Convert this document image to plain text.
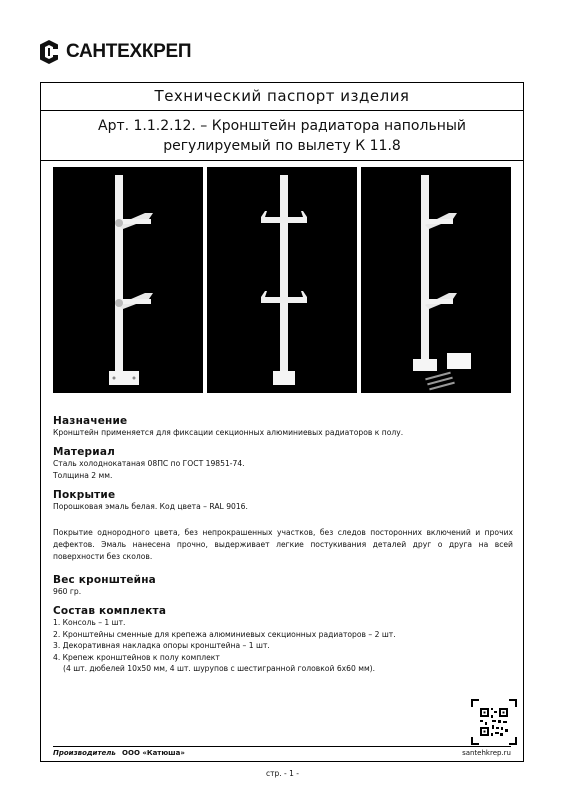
САНТЕХКРЕП
Технический паспорт изделия
Арт. 1.1.2.12. – Кронштейн радиатора напольный
регулируемый по вылету К 11.8
Назначение

Кронштейн применяется для фиксации секционных алюминиевых радиаторов к полу.

Материал

Сталь холоднокатаная 08ПС по ГОСТ 19851-74.

Толщина 2 мм.

Покрытие

Порошковая эмаль белая. Код цвета – RAL 9016.

Покрытие однородного цвета, без непрокрашенных участков, без следов посторонних включений и прочих дефектов. Эмаль нанесена прочно, выдерживает легкие постукивания деталей друг о друга на всей поверхности без сколов.

Вес кронштейна

960 гр.

Состав комплекта

1. Консоль – 1 шт.

2. Кронштейны сменные для крепежа алюминиевых секционных радиаторов – 2 шт.

3. Декоративная накладка опоры кронштейна – 1 шт.

4. Крепеж кронштейнов к полу комплект

(4 шт. дюбелей 10х50 мм, 4 шт. шурупов с шестигранной головкой 6х60 мм).

Производитель ООО «Катюша»	santehkrep.ru
стр. - 1 -
